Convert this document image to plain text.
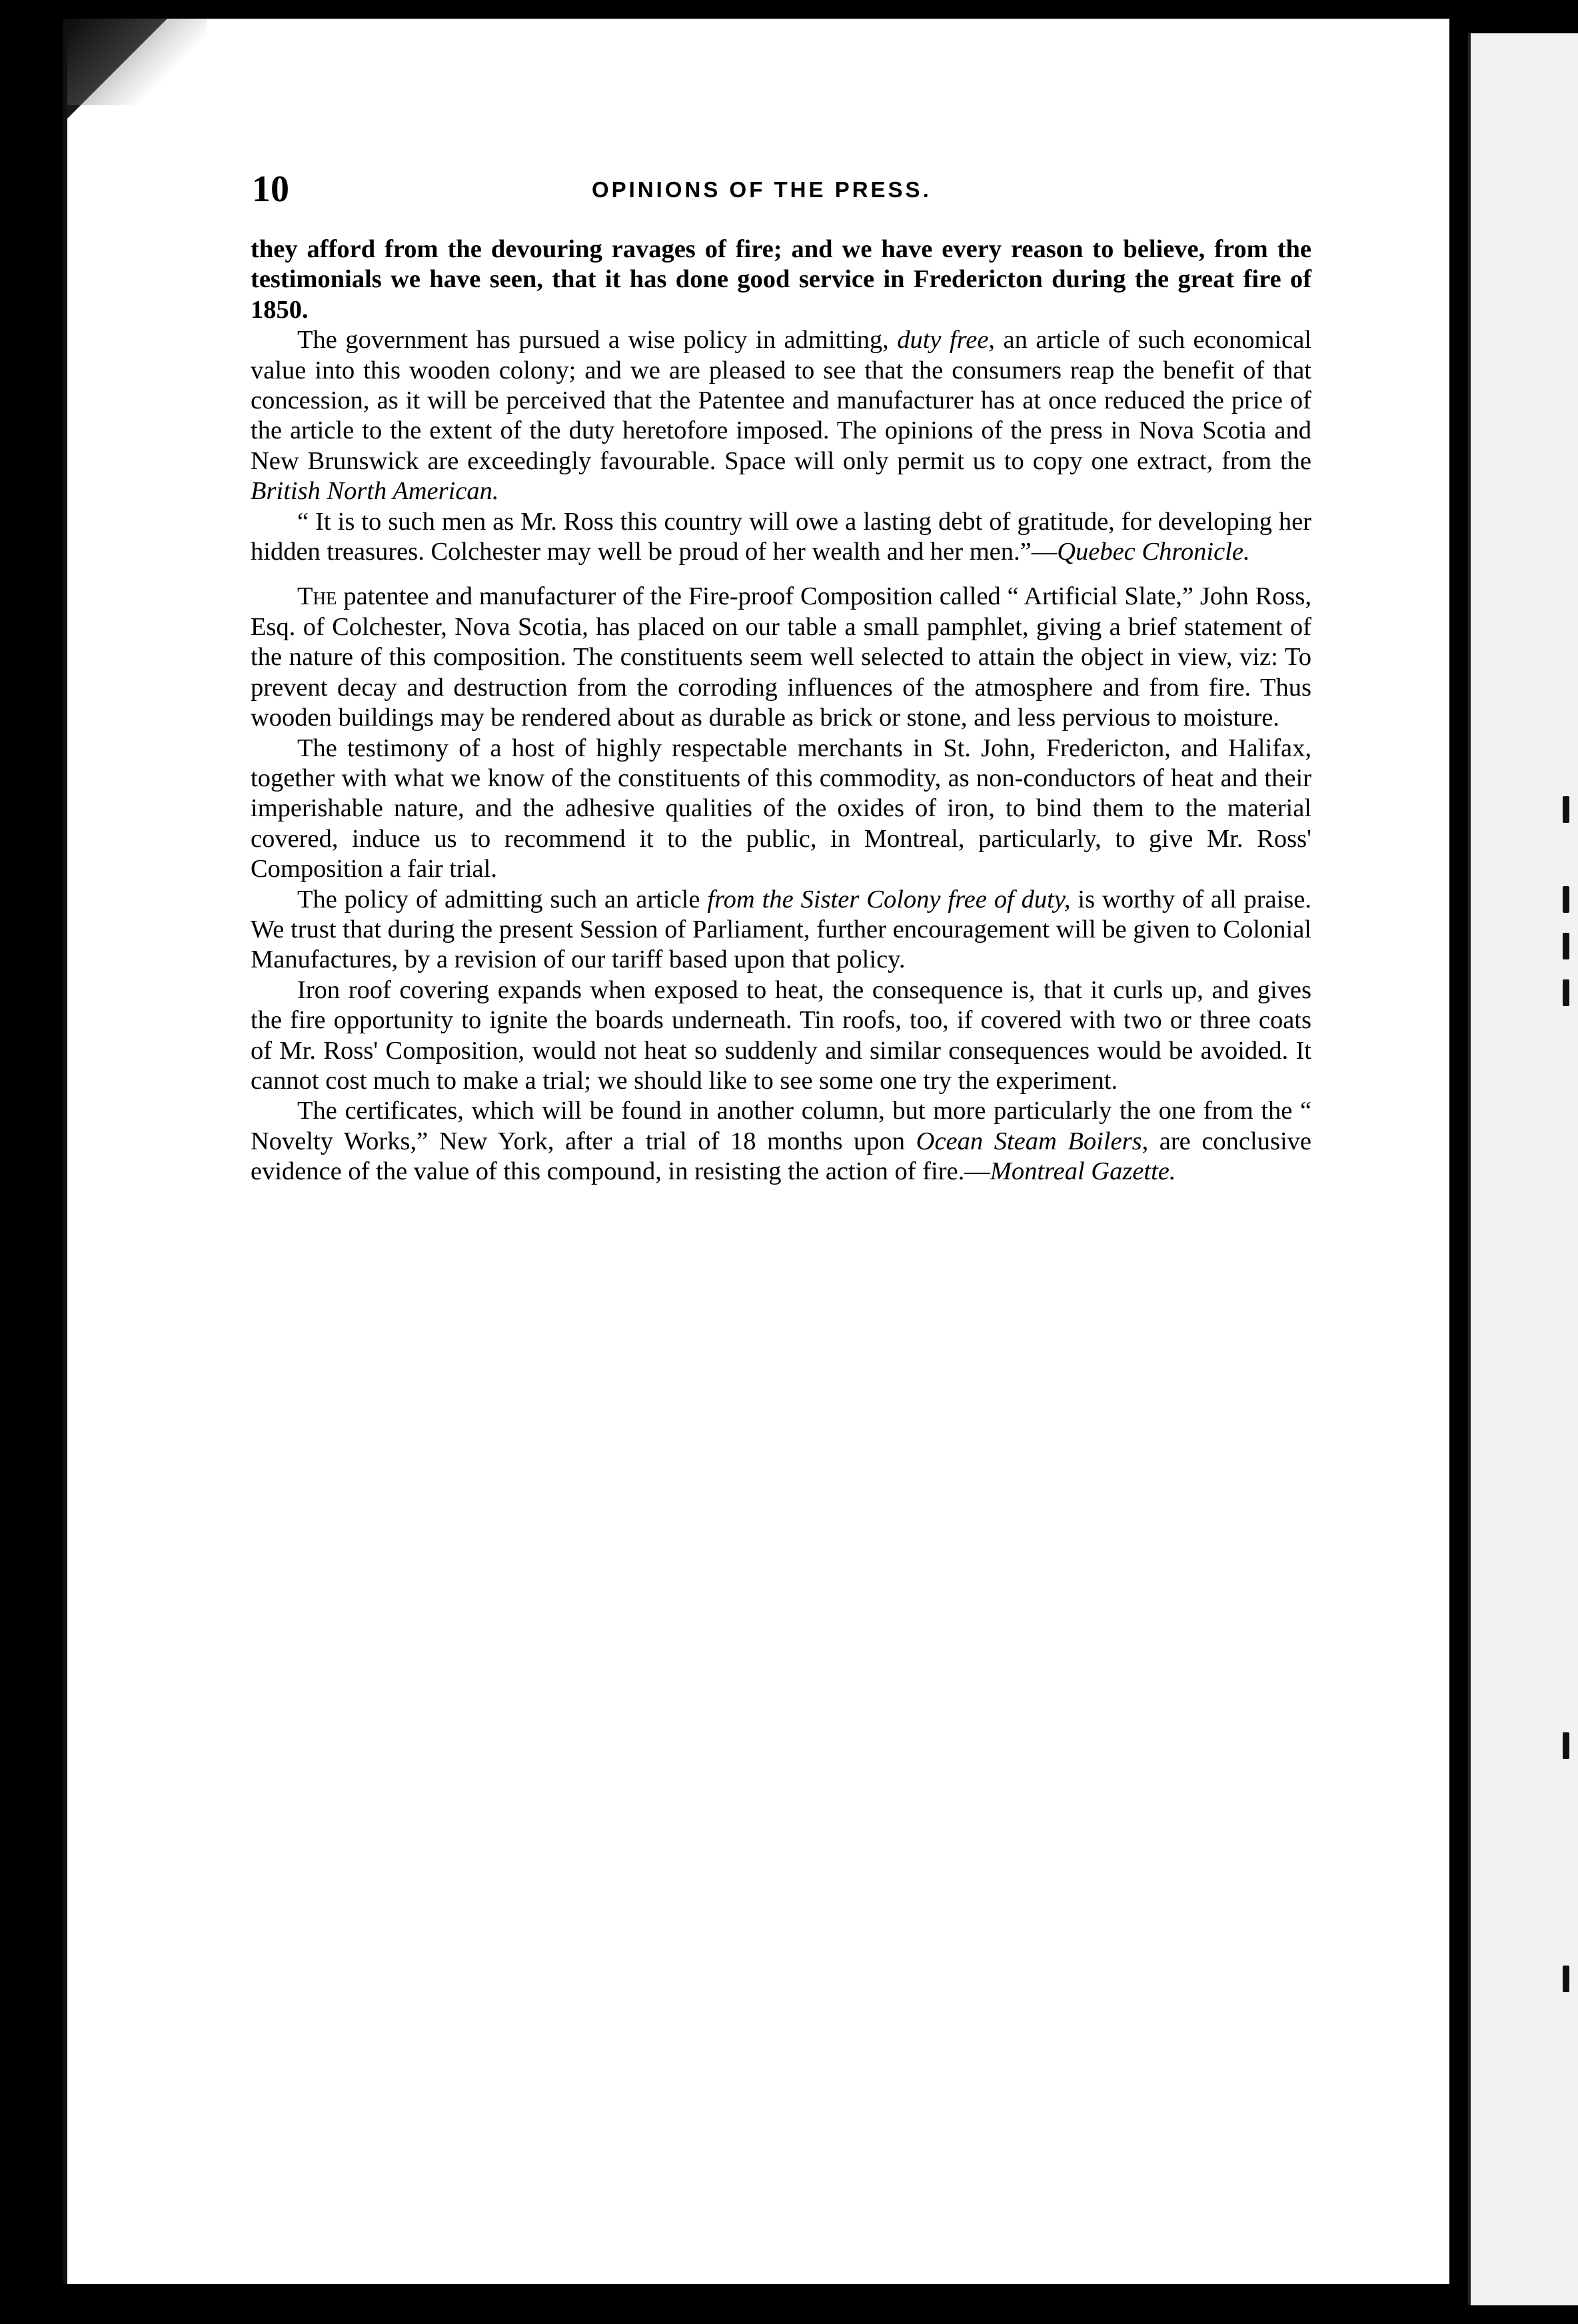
10	OPINIONS OF THE PRESS.

they afford from the devouring ravages of fire; and we have every reason to believe, from the testimonials we have seen, that it has done good service in Fredericton during the great fire of 1850.

The government has pursued a wise policy in admitting, duty free, an article of such economical value into this wooden colony; and we are pleased to see that the consumers reap the benefit of that concession, as it will be perceived that the Patentee and manufacturer has at once reduced the price of the article to the extent of the duty heretofore imposed. The opinions of the press in Nova Scotia and New Brunswick are exceedingly favourable. Space will only permit us to copy one extract, from the British North American.

“ It is to such men as Mr. Ross this country will owe a lasting debt of gratitude, for developing her hidden treasures. Colchester may well be proud of her wealth and her men.”—Quebec Chronicle.

The patentee and manufacturer of the Fire-proof Composition called “ Artificial Slate,” John Ross, Esq. of Colchester, Nova Scotia, has placed on our table a small pamphlet, giving a brief statement of the nature of this composition. The constituents seem well selected to attain the object in view, viz: To prevent decay and destruction from the corroding influences of the atmosphere and from fire. Thus wooden buildings may be rendered about as durable as brick or stone, and less pervious to moisture.

The testimony of a host of highly respectable merchants in St. John, Fredericton, and Halifax, together with what we know of the constituents of this commodity, as non-conductors of heat and their imperishable nature, and the adhesive qualities of the oxides of iron, to bind them to the material covered, induce us to recommend it to the public, in Montreal, particularly, to give Mr. Ross' Composition a fair trial.

The policy of admitting such an article from the Sister Colony free of duty, is worthy of all praise. We trust that during the present Session of Parliament, further encouragement will be given to Colonial Manufactures, by a revision of our tariff based upon that policy.

Iron roof covering expands when exposed to heat, the consequence is, that it curls up, and gives the fire opportunity to ignite the boards underneath. Tin roofs, too, if covered with two or three coats of Mr. Ross' Composition, would not heat so suddenly and similar consequences would be avoided. It cannot cost much to make a trial; we should like to see some one try the experiment.

The certificates, which will be found in another column, but more particularly the one from the “ Novelty Works,” New York, after a trial of 18 months upon Ocean Steam Boilers, are conclusive evidence of the value of this compound, in resisting the action of fire.—Montreal Gazette.
